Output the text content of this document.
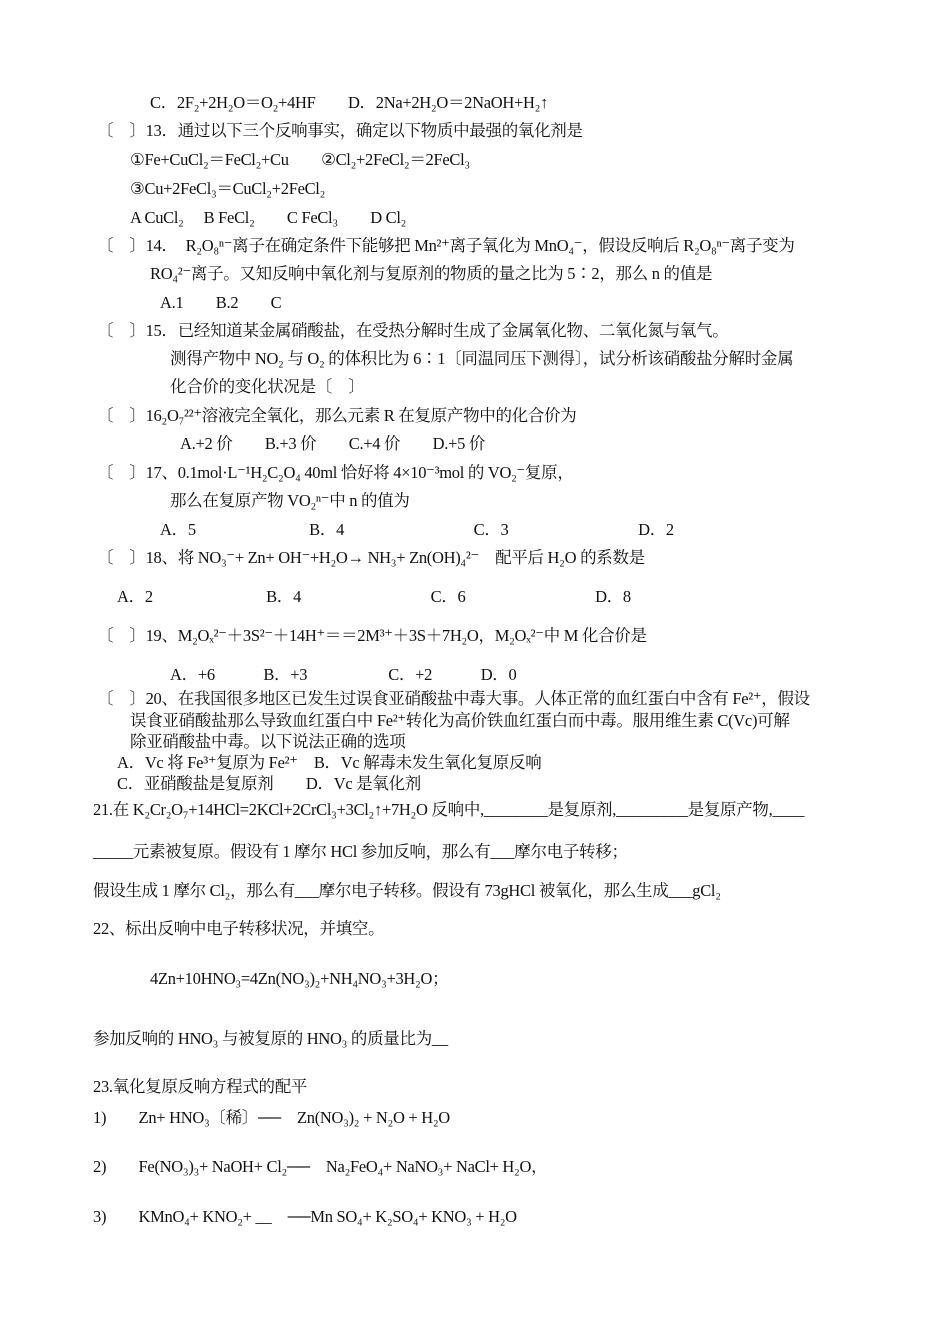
C．2F₂+2H₂O＝O₂+4HF　　D．2Na+2H₂O＝2NaOH+H₂↑
〔　〕13．通过以下三个反响事实，确定以下物质中最强的氧化剂是
①Fe+CuCl₂＝FeCl₂+Cu　　②Cl₂+2FeCl₂＝2FeCl₃
③Cu+2FeCl₃＝CuCl₂+2FeCl₂
A CuCl₂　 B FeCl₂　　C FeCl₃　　D Cl₂
〔　〕14．　R₂O₈ⁿ⁻离子在确定条件下能够把 Mn²⁺离子氧化为 MnO₄⁻，假设反响后 R₂O₈ⁿ⁻离子变为
RO₄²⁻离子。又知反响中氧化剂与复原剂的物质的量之比为 5∶2，那么 n 的值是
A.1　　B.2　　C
〔　〕15．已经知道某金属硝酸盐，在受热分解时生成了金属氧化物、二氧化氮与氧气。
测得产物中 NO₂ 与 O₂ 的体积比为 6∶1〔同温同压下测得〕，试分析该硝酸盐分解时金属
化合价的变化状况是〔　〕
〔　〕16₂O₇²²⁺溶液完全氧化，那么元素 R 在复原产物中的化合价为
A.+2 价　　B.+3 价　　C.+4 价　　D.+5 价
〔　〕17、0.1mol·L⁻¹H₂C₂O₄ 40ml 恰好将 4×10⁻³mol 的 VO₂⁻复原，
那么在复原产物 VO₂ⁿ⁻中 n 的值为
A．5　　　　　　　B．4　　　　　　　　C．3　　　　　　　　D．2
〔　〕18、将 NO₃⁻+ Zn+ OH⁻+H₂O→ NH₃+ Zn(OH)₄²⁻　配平后 H₂O 的系数是
A．2　　　　　　　B．4　　　　　　　　C．6　　　　　　　　D．8
〔　〕19、M₂Oₓ²⁻＋3S²⁻＋14H⁺＝＝2M³⁺＋3S＋7H₂O，M₂Oₓ²⁻中 M 化合价是
A．+6　　　B．+3　　　　　C．+2　　　D．0
〔　〕20、在我国很多地区已发生过误食亚硝酸盐中毒大事。人体正常的血红蛋白中含有 Fe²⁺，假设
误食亚硝酸盐那么导致血红蛋白中 Fe²⁺转化为高价铁血红蛋白而中毒。服用维生素 C(Vc)可解
除亚硝酸盐中毒。以下说法正确的选项
A．Vc 将 Fe³⁺复原为 Fe²⁺　B．Vc 解毒未发生氧化复原反响
C．亚硝酸盐是复原剂　　D．Vc 是氧化剂
21.在 K₂Cr₂O₇+14HCl=2KCl+2CrCl₃+3Cl₂↑+7H₂O 反响中,________是复原剂,_________是复原产物,____
_____元素被复原。假设有 1 摩尔 HCl 参加反响，那么有___摩尔电子转移；
假设生成 1 摩尔 Cl₂，那么有___摩尔电子转移。假设有 73gHCl 被氧化，那么生成___gCl₂
22、标出反响中电子转移状况，并填空。
4Zn+10HNO₃=4Zn(NO₃)₂+NH₄NO₃+3H₂O；
参加反响的 HNO₃ 与被复原的 HNO₃ 的质量比为__
23.氧化复原反响方程式的配平
1)　　Zn+ HNO₃〔稀〕──　Zn(NO₃)₂ + N₂O + H₂O
2)　　Fe(NO₃)₃+ NaOH+ Cl₂──　Na₂FeO₄+ NaNO₃+ NaCl+ H₂O，
3)　　KMnO₄+ KNO₂+ __　──Mn SO₄+ K₂SO₄+ KNO₃ + H₂O
